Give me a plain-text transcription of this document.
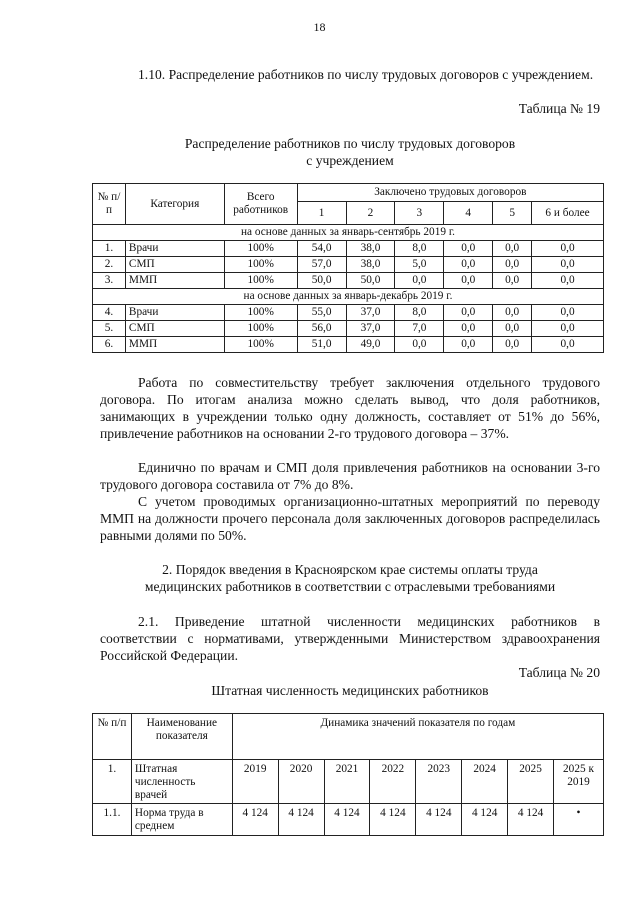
18
1.10. Распределение работников по числу трудовых договоров с учреждением.
Таблица № 19
Распределение работников по числу трудовых договоров
с учреждением
№ п/п	Категория	Всего работников	Заключено трудовых договоров					
			1	2	3	4	5	6 и более
на основе данных за январь-сентябрь 2019 г.								
1.	Врачи	100%	54,0	38,0	8,0	0,0	0,0	0,0
2.	СМП	100%	57,0	38,0	5,0	0,0	0,0	0,0
3.	ММП	100%	50,0	50,0	0,0	0,0	0,0	0,0
на основе данных за январь-декабрь 2019 г.								
4.	Врачи	100%	55,0	37,0	8,0	0,0	0,0	0,0
5.	СМП	100%	56,0	37,0	7,0	0,0	0,0	0,0
6.	ММП	100%	51,0	49,0	0,0	0,0	0,0	0,0
Работа по совместительству требует заключения отдельного трудового договора. По итогам анализа можно сделать вывод, что доля работников, занимающих в учреждении только одну должность, составляет от 51% до 56%, привлечение работников на основании 2-го трудового договора – 37%.
Единично по врачам и СМП доля привлечения работников на основании 3-го трудового договора составила от 7% до 8%.
С учетом проводимых организационно-штатных мероприятий по переводу ММП на должности прочего персонала доля заключенных договоров распределилась равными долями по 50%.
2. Порядок введения в Красноярском крае системы оплаты труда
медицинских работников в соответствии с отраслевыми требованиями
2.1. Приведение штатной численности медицинских работников в соответствии с нормативами, утвержденными Министерством здравоохранения Российской Федерации.
Таблица № 20
Штатная численность медицинских работников
№ п/п	Наименование показателя	Динамика значений показателя по годам							
1.	Штатная численность врачей	2019	2020	2021	2022	2023	2024	2025	2025 к 2019
1.1.	Норма труда в среднем	4 124	4 124	4 124	4 124	4 124	4 124	4 124	•
